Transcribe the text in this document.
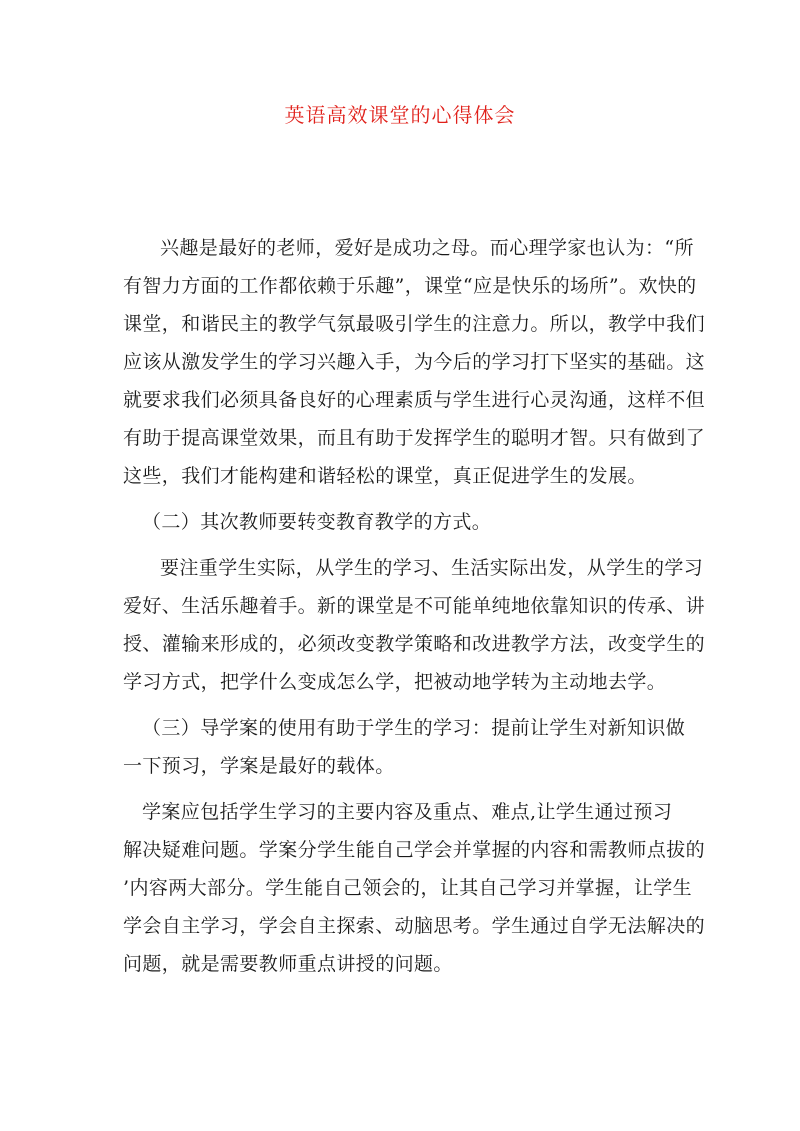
英语高效课堂的心得体会
兴趣是最好的老师，爱好是成功之母。而心理学家也认为：“所
有智力方面的工作都依赖于乐趣”，课堂“应是快乐的场所”。欢快的
课堂，和谐民主的教学气氛最吸引学生的注意力。所以，教学中我们
应该从激发学生的学习兴趣入手，为今后的学习打下坚实的基础。这
就要求我们必须具备良好的心理素质与学生进行心灵沟通，这样不但
有助于提高课堂效果，而且有助于发挥学生的聪明才智。只有做到了
这些，我们才能构建和谐轻松的课堂，真正促进学生的发展。
（二）其次教师要转变教育教学的方式。
要注重学生实际，从学生的学习、生活实际出发，从学生的学习
爱好、生活乐趣着手。新的课堂是不可能单纯地依靠知识的传承、讲
授、灌输来形成的，必须改变教学策略和改进教学方法，改变学生的
学习方式，把学什么变成怎么学，把被动地学转为主动地去学。
（三）导学案的使用有助于学生的学习：提前让学生对新知识做
一下预习，学案是最好的载体。
学案应包括学生学习的主要内容及重点、难点,让学生通过预习
解决疑难问题。学案分学生能自己学会并掌握的内容和需教师点拔的
’内容两大部分。学生能自己领会的，让其自己学习并掌握，让学生
学会自主学习，学会自主探索、动脑思考。学生通过自学无法解决的
问题，就是需要教师重点讲授的问题。
